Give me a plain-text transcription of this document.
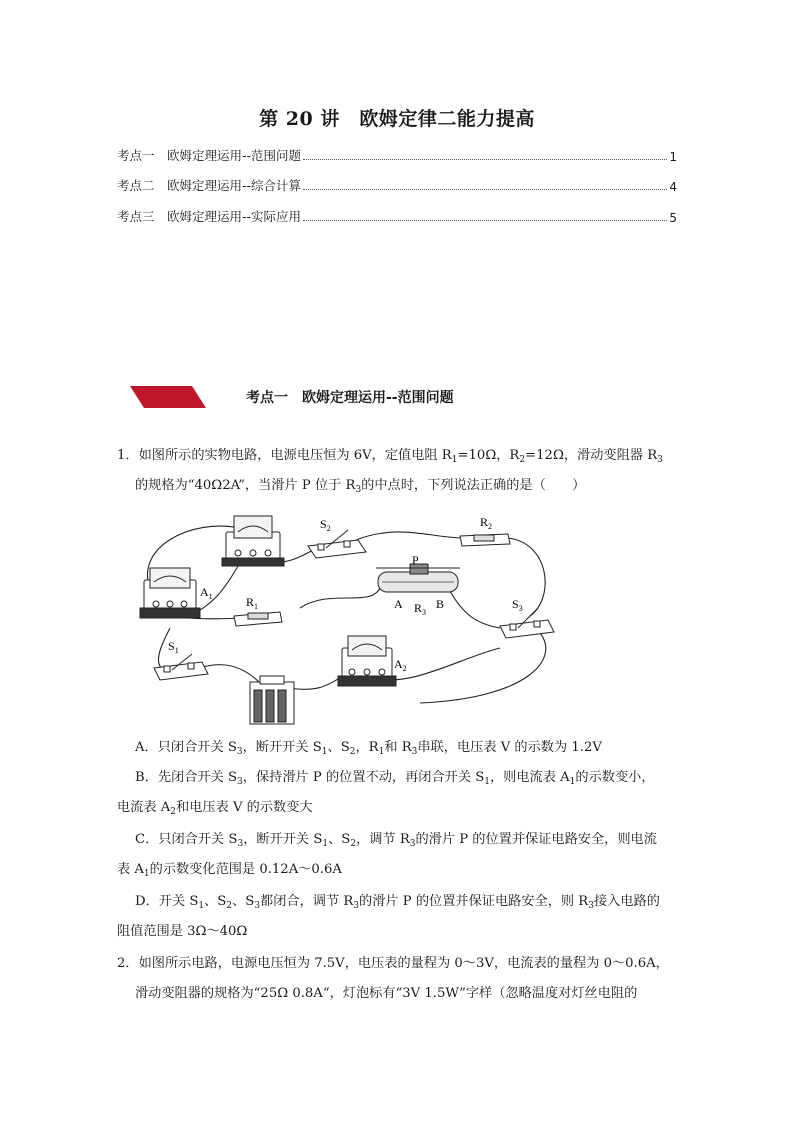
第 20 讲　欧姆定律二能力提高
考点一　欧姆定理运用--范围问题	1
考点二　欧姆定理运用--综合计算	4
考点三　欧姆定理运用--实际应用	5
考点一　欧姆定理运用--范围问题
1．如图所示的实物电路，电源电压恒为 6V，定值电阻 $R_1=10\Omega$，$R_2=12\Omega$，滑动变阻器 $R_3$
的规格为“40Ω2A”，当滑片 P 位于 $R_3$的中点时，下列说法正确的是（　　）
$S_2$	$R_2$
P
$A_1$	$R_1$	A $R_3$
B	$S_3$
$S_1$
$A_2$
A．只闭合开关 $S_3$，断开开关 $S_1$、$S_2$，$R_1$和 $R_3$串联，电压表 V 的示数为 1.2V
B．先闭合开关 $S_3$，保持滑片 P 的位置不动，再闭合开关 $S_1$，则电流表 $A_1$的示数变小，
电流表 $A_2$和电压表 V 的示数变大
C．只闭合开关 $S_3$，断开开关 $S_1$、$S_2$，调节 $R_3$的滑片 P 的位置并保证电路安全，则电流
表 $A_1$的示数变化范围是 0.12A～0.6A
D．开关 $S_1$、$S_2$、$S_3$都闭合，调节 $R_3$的滑片 P 的位置并保证电路安全，则 $R_3$接入电路的
阻值范围是 3Ω～40Ω
2．如图所示电路，电源电压恒为 7.5V，电压表的量程为 0～3V，电流表的量程为 0～0.6A，
滑动变阻器的规格为“25Ω 0.8A“，灯泡标有“3V 1.5W”字样（忽略温度对灯丝电阻的
